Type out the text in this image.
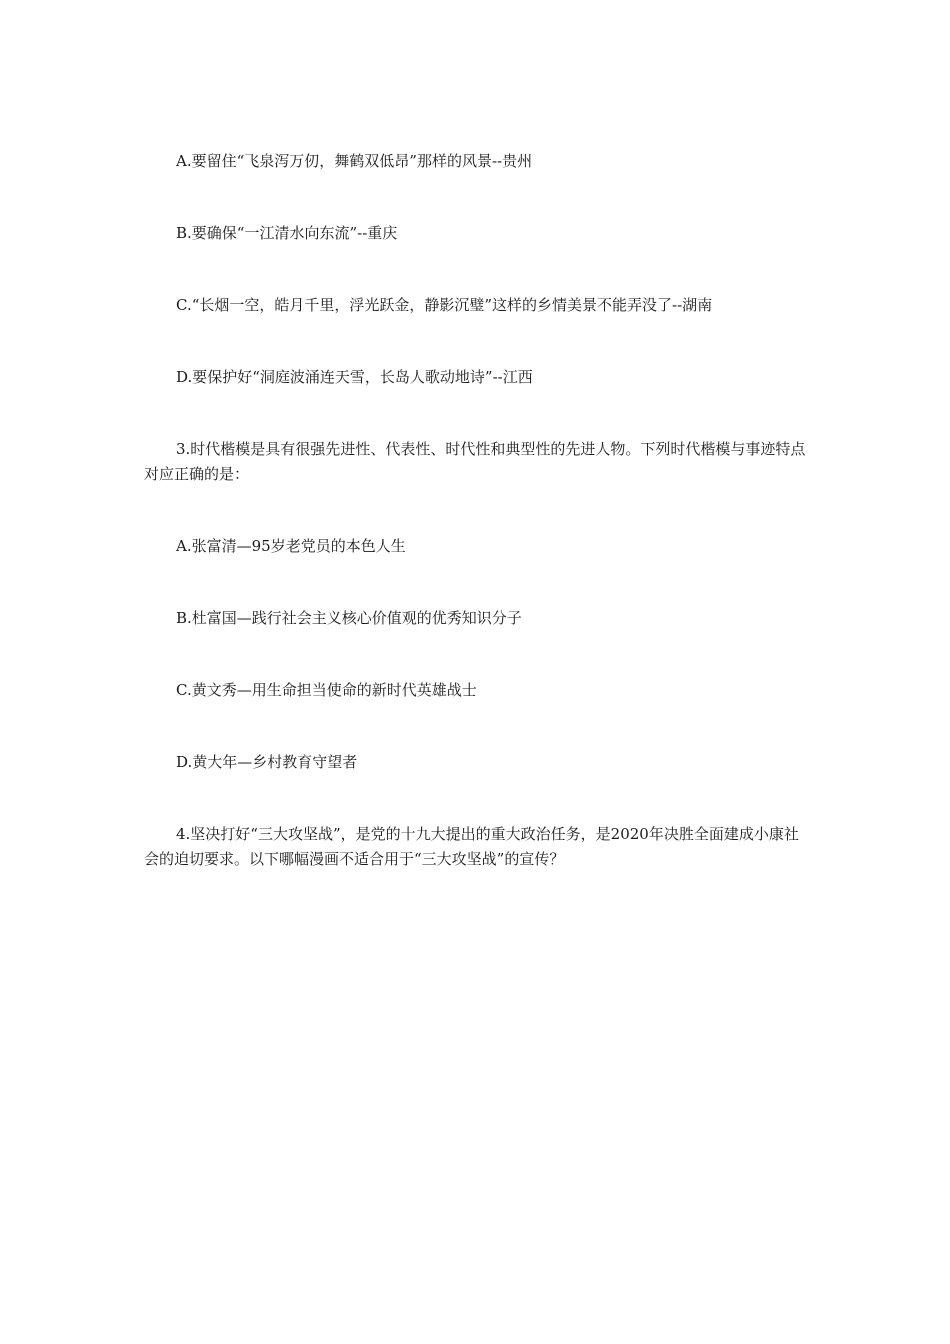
A.要留住“飞泉泻万仞，舞鹤双低昂”那样的风景--贵州
B.要确保“一江清水向东流”--重庆
C.“长烟一空，皓月千里，浮光跃金，静影沉璧”这样的乡情美景不能弄没了--湖南
D.要保护好“洞庭波涌连天雪，长岛人歌动地诗”--江西
3.时代楷模是具有很强先进性、代表性、时代性和典型性的先进人物。下列时代楷模与事迹特点对应正确的是：
A.张富清—95岁老党员的本色人生
B.杜富国—践行社会主义核心价值观的优秀知识分子
C.黄文秀—用生命担当使命的新时代英雄战士
D.黄大年—乡村教育守望者
4.坚决打好“三大攻坚战”，是党的十九大提出的重大政治任务，是2020年决胜全面建成小康社会的迫切要求。以下哪幅漫画不适合用于“三大攻坚战”的宣传？
